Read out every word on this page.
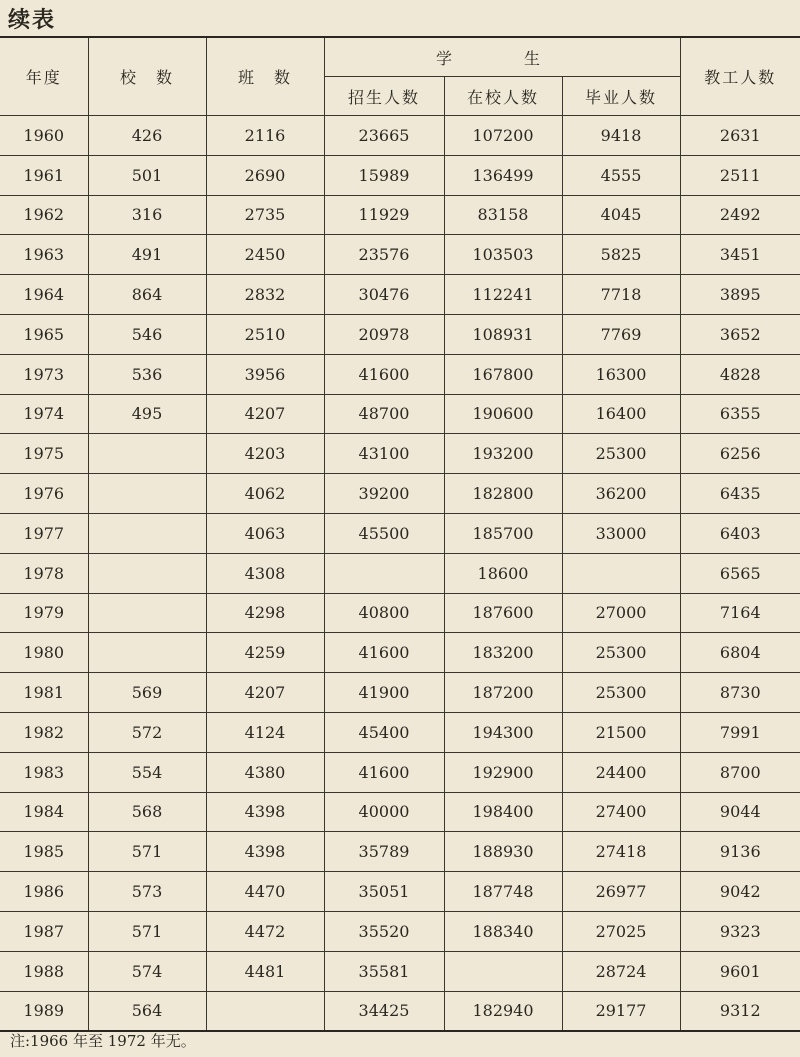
续表
年度	校　数	班　数	学　生			教工人数
			招生人数	在校人数	毕业人数	
1960	426	2116	23665	107200	9418	2631
1961	501	2690	15989	136499	4555	2511
1962	316	2735	11929	83158	4045	2492
1963	491	2450	23576	103503	5825	3451
1964	864	2832	30476	112241	7718	3895
1965	546	2510	20978	108931	7769	3652
1973	536	3956	41600	167800	16300	4828
1974	495	4207	48700	190600	16400	6355
1975		4203	43100	193200	25300	6256
1976		4062	39200	182800	36200	6435
1977		4063	45500	185700	33000	6403
1978		4308		18600		6565
1979		4298	40800	187600	27000	7164
1980		4259	41600	183200	25300	6804
1981	569	4207	41900	187200	25300	8730
1982	572	4124	45400	194300	21500	7991
1983	554	4380	41600	192900	24400	8700
1984	568	4398	40000	198400	27400	9044
1985	571	4398	35789	188930	27418	9136
1986	573	4470	35051	187748	26977	9042
1987	571	4472	35520	188340	27025	9323
1988	574	4481	35581		28724	9601
1989	564		34425	182940	29177	9312
注:1966 年至 1972 年无。
